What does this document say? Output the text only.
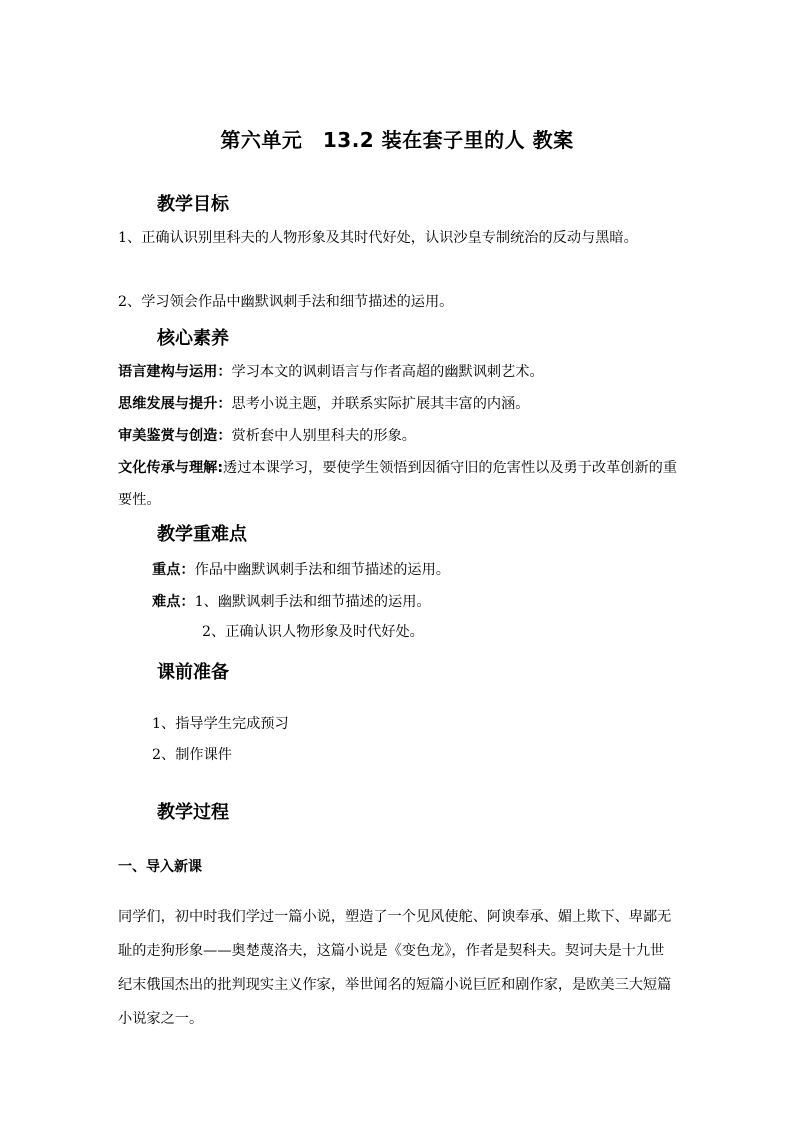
第六单元　13.2 装在套子里的人 教案
教学目标
1、正确认识别里科夫的人物形象及其时代好处，认识沙皇专制统治的反动与黑暗。
2、学习领会作品中幽默讽刺手法和细节描述的运用。
核心素养
语言建构与运用：学习本文的讽刺语言与作者高超的幽默讽刺艺术。
思维发展与提升：思考小说主题，并联系实际扩展其丰富的内涵。
审美鉴赏与创造：赏析套中人别里科夫的形象。
文化传承与理解:透过本课学习，要使学生领悟到因循守旧的危害性以及勇于改革创新的重要性。
教学重难点
重点：作品中幽默讽刺手法和细节描述的运用。
难点：1、幽默讽刺手法和细节描述的运用。
2、正确认识人物形象及时代好处。
课前准备
1、指导学生完成预习
2、制作课件
教学过程
一、导入新课
同学们，初中时我们学过一篇小说，塑造了一个见风使舵、阿谀奉承、媚上欺下、卑鄙无耻的走狗形象——奥楚蔑洛夫，这篇小说是《变色龙》，作者是契科夫。契诃夫是十九世纪末俄国杰出的批判现实主义作家，举世闻名的短篇小说巨匠和剧作家，是欧美三大短篇小说家之一。
